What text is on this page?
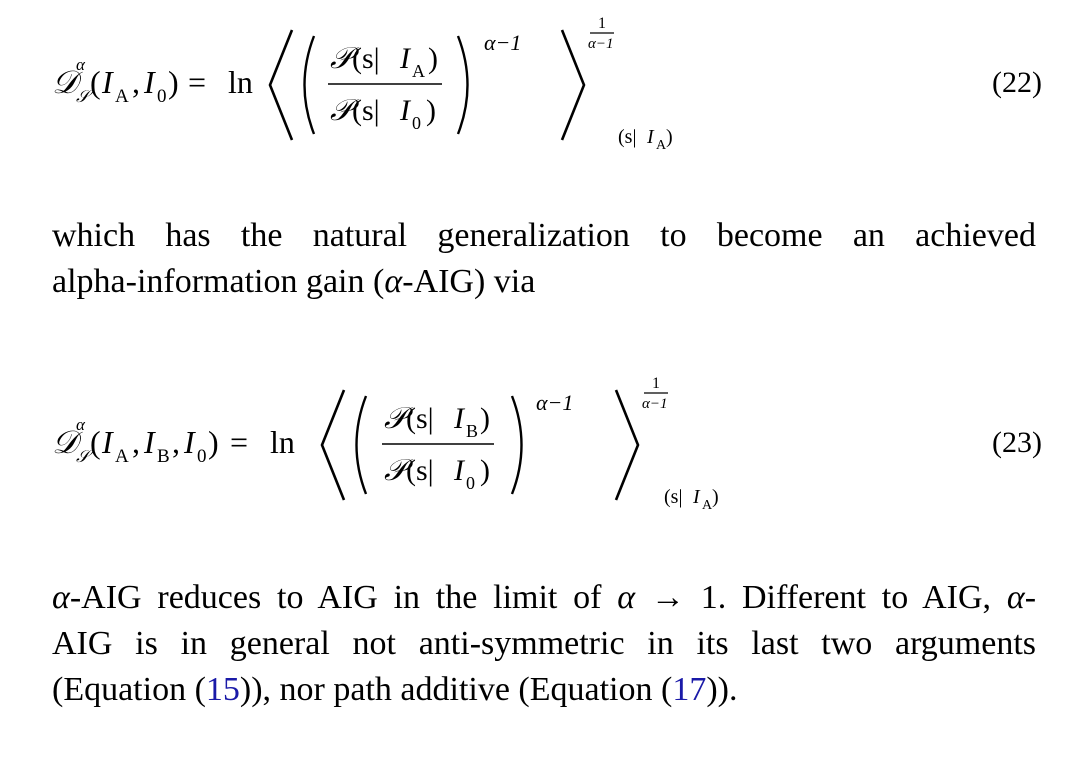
𝒟
α
𝒮 ( I A , I 0 ) = ln
𝒫 (s| I A )
𝒫 (s| I 0 )
α−1
1
α−1
(s| I A )
(22)
which has the natural generalization to become an achieved
alpha-information gain (α-AIG) via
𝒟
α
𝒮 ( I A , I B , I 0 ) = ln
𝒫 (s| I B )
𝒫 (s| I 0 )
α−1
1
α−1
(s| I A )
(23)
α-AIG reduces to AIG in the limit of α → 1. Different to AIG, α-
AIG is in general not anti-symmetric in its last two arguments
(Equation (15)), nor path additive (Equation (17)).
